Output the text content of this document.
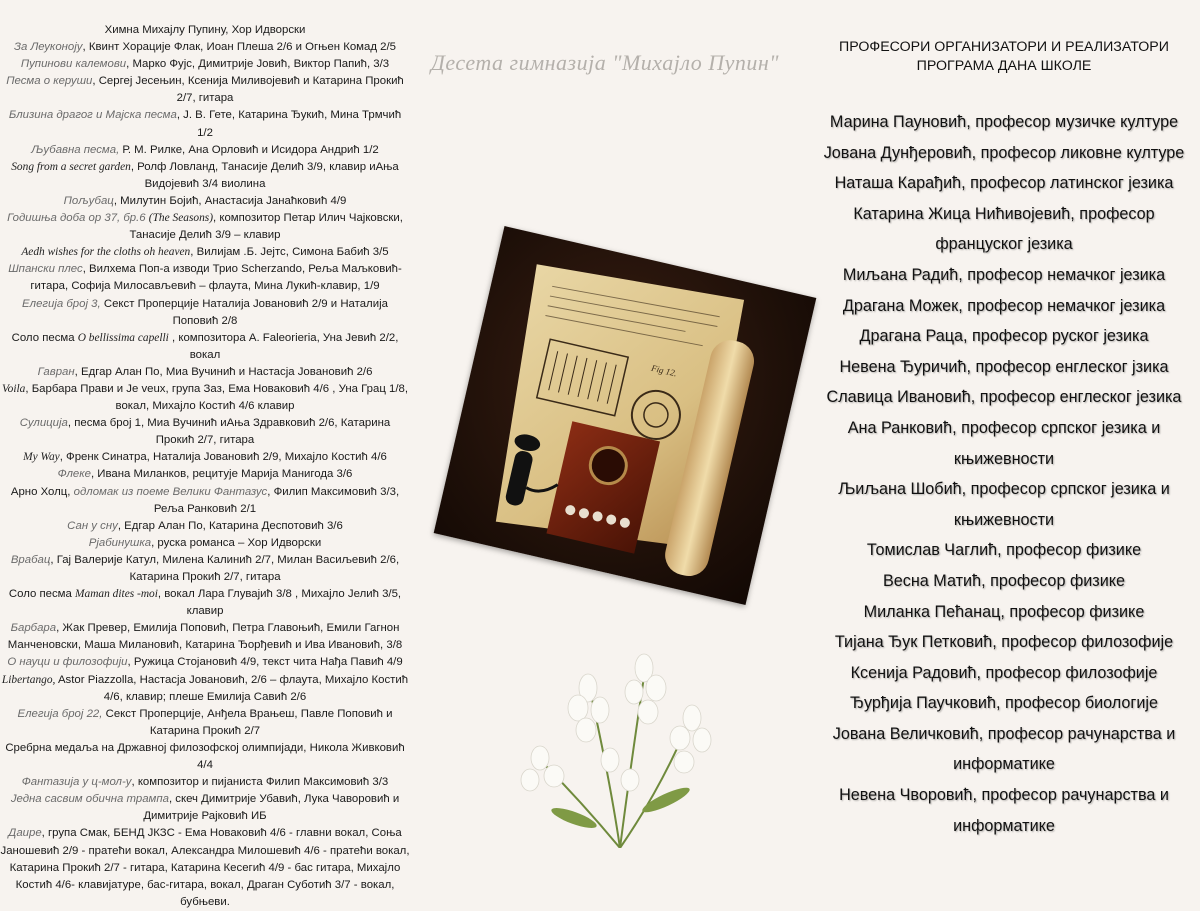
Химна Михајлу Пупину, Хор Идворски
За Леуконоју, Квинт Хорације Флак, Иоан Плеша 2/6 и Огњен Комад 2/5
Пупинови калемови, Марко Фујс, Димитрије Јовић, Виктор Папић, 3/3
Песма о керуши, Сергеј Јесењин, Ксенија Миливојевић и Катарина Прокић 2/7, гитара
Близина драгог и Мајска песма, Ј. В. Гете, Катарина Ђукић, Мина Трмчић 1/2
Љубавна песма, Р. М. Рилке, Ана Орловић и Исидора Андрић 1/2
Song from a secret garden, Ролф Ловланд, Танасије Делић 3/9, клавир иАња Видојевић 3/4 виолина
Пољубац, Милутин Бојић, Анастасија Јанаћковић 4/9
Годишња доба op 37, бр.6 (The Seasons), композитор Петар Илич Чајковски, Танасије Делић 3/9 – клавир
Aedh wishes for the cloths oh heaven, Вилијам .Б. Јејтс, Симона Бабић 3/5
Шпански плес, Вилхема Поп-а изводи Трио Scherzando, Реља Маљковић- гитара, Софија Милосављевић – флаута, Мина Лукић-клавир, 1/9
Елегија број 3, Секст Проперције Наталија Јовановић 2/9 и Наталија Поповић 2/8
Соло песма O bellissima capelli , композитора А. Faleorieria, Уна Јевић 2/2, вокал
Гавран, Едгар Алан По, Миа Вучинић и Настасја Јовановић 2/6
Voila, Барбара Прави и Je veux, група Заз, Ема Новаковић 4/6 , Уна Грац 1/8, вокал, Михајло Костић 4/6 клавир
Сулиција, песма број 1, Миа Вучинић иАња Здравковић 2/6, Катарина Прокић 2/7, гитара
My Way, Френк Синатра, Наталија Јовановић 2/9, Михајло Костић 4/6
Флеке, Ивана Миланков, рецитује Марија Манигода 3/6
Арно Холц, одломак из поеме Велики Фантазус, Филип Максимовић 3/3, Реља Ранковић 2/1
Сан у сну, Едгар Алан По, Катарина Деспотовић 3/6
Рјабинушка, руска романса – Хор Идворски
Врабац, Гај Валерије Катул, Милена Калинић 2/7, Милан Васиљевић 2/6, Катарина Прокић 2/7, гитара
Соло песма Maman dites -moi, вокал Лара Глувајић 3/8 , Михајло Јелић 3/5, клавир
Барбара, Жак Превер, Емилија Поповић, Петра Главоњић, Емили Гагнон Манченовски, Маша Милановић, Катарина Ђорђевић и Ива Ивановић, 3/8
О науци и филозофији, Ружица Стојановић 4/9, текст чита Нађа Павић 4/9
Libertango, Astor Piazzolla, Настасја Јовановић, 2/6 – флаута, Михајло Костић 4/6, клавир; плеше Емилија Савић 2/6
Елегија број 22, Секст Проперције, Анђела Врањеш, Павле Поповић и Катарина Прокић 2/7
Сребрна медаља на Државној филозофској олимпијади, Никола Живковић 4/4
Фантазија у ц-мол-у, композитор и пијаниста Филип Максимовић 3/3
Једна сасвим обична трампа, скеч Димитрије Убавић, Лука Чаворовић и Димитрије Рајковић ИБ
Даире, група Смак, БЕНД ЈКЗС - Ема Новаковић 4/6 - главни вокал, Соња Јаношевић 2/9 - пратећи вокал, Александра Милошевић 4/6 - пратећи вокал, Катарина Прокић 2/7 - гитара, Катарина Кесегић 4/9 - бас гитара, Михајло Костић 4/6- клавијатуре, бас-гитара, вокал, Драган Суботић 3/7 - вокал, бубњеви.
Десета гимназија "Михајло Пупин"
Fig 12.
ПРОФЕСОРИ ОРГАНИЗАТОРИ И РЕАЛИЗАТОРИ
ПРОГРАМА ДАНА ШКОЛЕ
Марина Пауновић, професор музичке културе
Јована Дунђеровић, професор ликовне културе
Наташа Карађић, професор латинског језика
Катарина Жица Нићивојевић, професор француског језика
Миљана Радић, професор немачког језика
Драгана Можек, професор немачког језика
Драгана Раца, професор руског језика
Невена Ђуричић, професор енглеског јзика
Славица Ивановић, професор енглеског језика
Ана Ранковић, професор српског језика и књижевности
Љиљана Шобић, професор српског језика и књижевности
Томислав Чаглић, професор физике
Весна Матић, професор физике
Миланка Пећанац, професор физике
Тијана Ђук Петковић, професор филозофије
Ксенија Радовић, професор филозофије
Ђурђија Паучковић, професор биологије
Јована Величковић, професор рачунарства и информатике
Невена Чворовић, професор рачунарства и информатике
